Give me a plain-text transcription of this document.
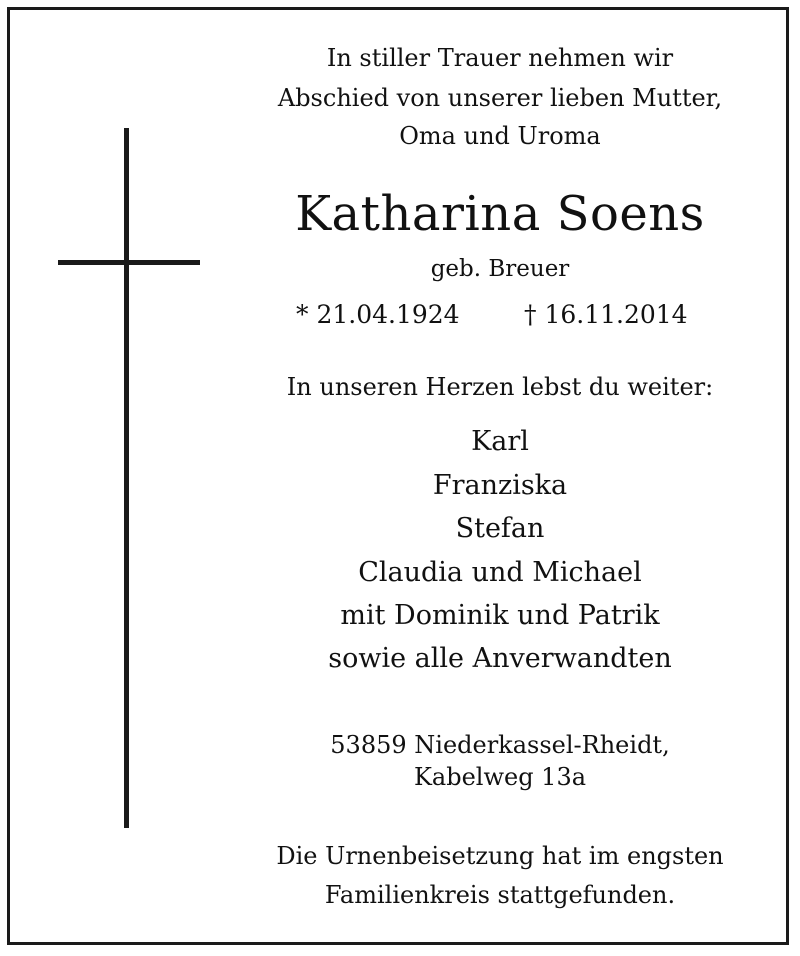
In stiller Trauer nehmen wir
Abschied von unserer lieben Mutter,
Oma und Uroma
Katharina Soens
geb. Breuer
* 21.04.1924	† 16.11.2014
In unseren Herzen lebst du weiter:
Karl
Franziska
Stefan
Claudia und Michael
mit Dominik und Patrik
sowie alle Anverwandten
53859 Niederkassel-Rheidt,
Kabelweg 13a
Die Urnenbeisetzung hat im engsten
Familienkreis stattgefunden.
